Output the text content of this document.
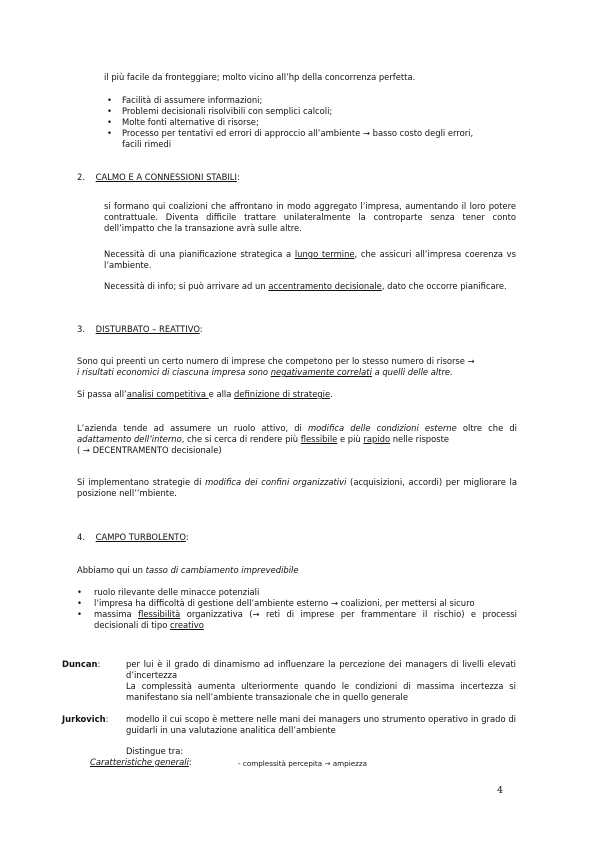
il più facile da fronteggiare; molto vicino all’hp della concorrenza perfetta.
• Facilità di assumere informazioni;
• Problemi decisionali risolvibili con semplici calcoli;
• Molte fonti alternative di risorse;
• Processo per tentativi ed errori di approccio all’ambiente → basso costo degli errori,
facili rimedi
2. CALMO E A CONNESSIONI STABILI:
si formano qui coalizioni che affrontano in modo aggregato l’impresa, aumentando il loro potere contrattuale. Diventa difficile trattare unilateralmente la controparte senza tener conto dell’impatto che la transazione avrà sulle altre.
Necessità di una pianificazione strategica a lungo termine, che assicuri all’impresa coerenza vs l’ambiente.
Necessità di info; si può arrivare ad un accentramento decisionale, dato che occorre pianificare.
3. DISTURBATO – REATTIVO:
Sono qui preenti un certo numero di imprese che competono per lo stesso numero di risorse →
i risultati economici di ciascuna impresa sono negativamente correlati a quelli delle altre.
Si passa all’analisi competitiva e alla definizione di strategie.
L’azienda tende ad assumere un ruolo attivo, di modifica delle condizioni esterne oltre che di adattamento dell’interno, che si cerca di rendere più flessibile e più rapido nelle risposte
( → DECENTRAMENTO decisionale)
Si implementano strategie di modifica dei confini organizzativi (acquisizioni, accordi) per migliorare la posizione nell’’mbiente.
4. CAMPO TURBOLENTO:
Abbiamo qui un tasso di cambiamento imprevedibile
• ruolo rilevante delle minacce potenziali
• l’impresa ha difficoltà di gestione dell’ambiente esterno → coalizioni, per mettersi al sicuro
• massima flessibilità organizzativa (→ reti di imprese per frammentare il rischio) e processi decisionali di tipo creativo
Duncan:	per lui è il grado di dinamismo ad influenzare la percezione dei managers di livelli elevati d’incertezza
La complessità aumenta ulteriormente quando le condizioni di massima incertezza si manifestano sia nell’ambiente transazionale che in quello generale
Jurkovich: modello il cui scopo è mettere nelle mani dei managers uno strumento operativo in grado di guidarli in una valutazione analitica dell’ambiente
Distingue tra:
Caratteristiche generali:	- complessità percepita → ampiezza
4
